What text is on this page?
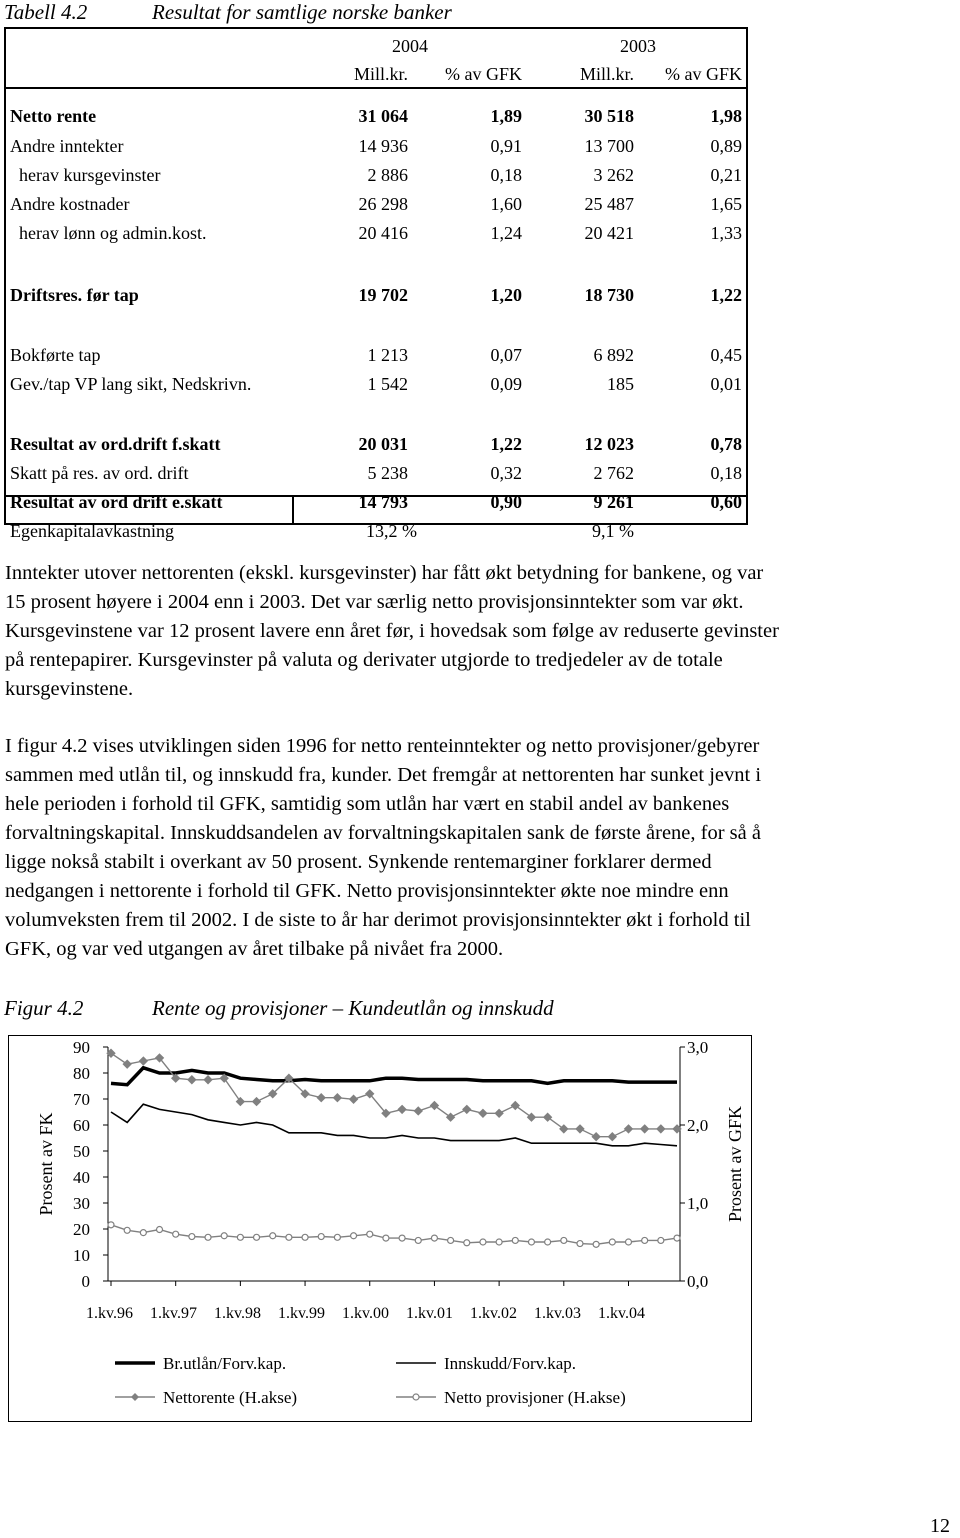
Tabell 4.2	Resultat for samtlige norske banker
2004	2003
Mill.kr. % av GFK	Mill.kr. % av GFK
Netto rente	31 064	1,89	30 518	1,98
Andre inntekter	14 936	0,91	13 700	0,89
herav kursgevinster	2 886	0,18	3 262	0,21
Andre kostnader	26 298	1,60	25 487	1,65
herav lønn og admin.kost.	20 416	1,24	20 421	1,33
Driftsres. før tap	19 702	1,20	18 730	1,22
Bokførte tap	1 213	0,07	6 892	0,45
Gev./tap VP lang sikt, Nedskrivn.	1 542	0,09	185	0,01
Resultat av ord.drift f.skatt	20 031	1,22	12 023	0,78
Skatt på res. av ord. drift	5 238	0,32	2 762	0,18
Resultat av ord drift e.skatt	14 793	0,90	9 261	0,60
Egenkapitalavkastning	13,2 %	9,1 %
Inntekter utover nettorenten (ekskl. kursgevinster) har fått økt betydning for bankene, og var
15 prosent høyere i 2004 enn i 2003. Det var særlig netto provisjonsinntekter som var økt.
Kursgevinstene var 12 prosent lavere enn året før, i hovedsak som følge av reduserte gevinster
på rentepapirer. Kursgevinster på valuta og derivater utgjorde to tredjedeler av de totale
kursgevinstene.
I figur 4.2 vises utviklingen siden 1996 for netto renteinntekter og netto provisjoner/gebyrer
sammen med utlån til, og innskudd fra, kunder. Det fremgår at nettorenten har sunket jevnt i
hele perioden i forhold til GFK, samtidig som utlån har vært en stabil andel av bankenes
forvaltningskapital. Innskuddsandelen av forvaltningskapitalen sank de første årene, for så å
ligge nokså stabilt i overkant av 50 prosent. Synkende rentemarginer forklarer dermed
nedgangen i nettorente i forhold til GFK. Netto provisjonsinntekter økte noe mindre enn
volumveksten frem til 2002. I de siste to år har derimot provisjonsinntekter økt i forhold til
GFK, og var ved utgangen av året tilbake på nivået fra 2000.
Figur 4.2	Rente og provisjoner – Kundeutlån og innskudd
0
10
20
30
40
50
60
70
80
90
0,0
1,0
2,0
3,0
1.kv.96 1.kv.97 1.kv.98 1.kv.99 1.kv.00 1.kv.01 1.kv.02 1.kv.03 1.kv.04
Prosent av FK	Prosent av GFK
Br.utlån/Forv.kap.	Innskudd/Forv.kap.
Nettorente (H.akse)	Netto provisjoner (H.akse)
12
